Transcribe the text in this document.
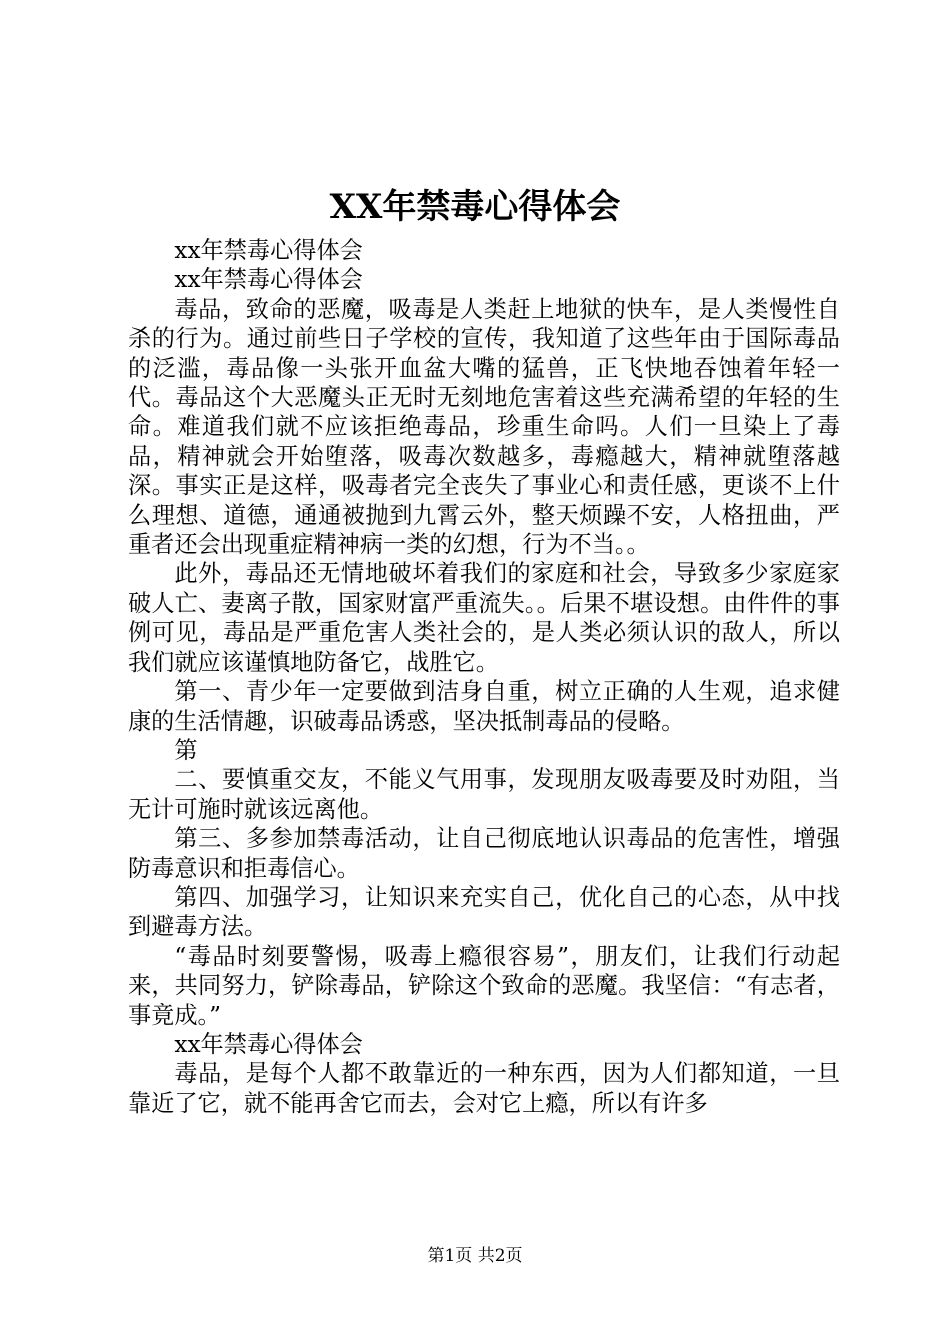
XX年禁毒心得体会

xx年禁毒心得体会

xx年禁毒心得体会

毒品，致命的恶魔，吸毒是人类赶上地狱的快车，是人类慢性自杀的行为。通过前些日子学校的宣传，我知道了这些年由于国际毒品的泛滥，毒品像一头张开血盆大嘴的猛兽，正飞快地吞蚀着年轻一代。毒品这个大恶魔头正无时无刻地危害着这些充满希望的年轻的生命。难道我们就不应该拒绝毒品，珍重生命吗。人们一旦染上了毒品，精神就会开始堕落，吸毒次数越多，毒瘾越大，精神就堕落越深。事实正是这样，吸毒者完全丧失了事业心和责任感，更谈不上什么理想、道德，通通被抛到九霄云外，整天烦躁不安，人格扭曲，严重者还会出现重症精神病一类的幻想，行为不当。。

此外，毒品还无情地破坏着我们的家庭和社会，导致多少家庭家破人亡、妻离子散，国家财富严重流失。。后果不堪设想。由件件的事例可见，毒品是严重危害人类社会的，是人类必须认识的敌人，所以我们就应该谨慎地防备它，战胜它。

第一、青少年一定要做到洁身自重，树立正确的人生观，追求健康的生活情趣，识破毒品诱惑，坚决抵制毒品的侵略。

第

二、要慎重交友，不能义气用事，发现朋友吸毒要及时劝阻，当无计可施时就该远离他。

第三、多参加禁毒活动，让自己彻底地认识毒品的危害性，增强防毒意识和拒毒信心。

第四、加强学习，让知识来充实自己，优化自己的心态，从中找到避毒方法。

“毒品时刻要警惕，吸毒上瘾很容易”，朋友们，让我们行动起来，共同努力，铲除毒品，铲除这个致命的恶魔。我坚信：“有志者，事竟成。”

xx年禁毒心得体会

毒品，是每个人都不敢靠近的一种东西，因为人们都知道，一旦靠近了它，就不能再舍它而去，会对它上瘾，所以有许多

第1页 共2页
